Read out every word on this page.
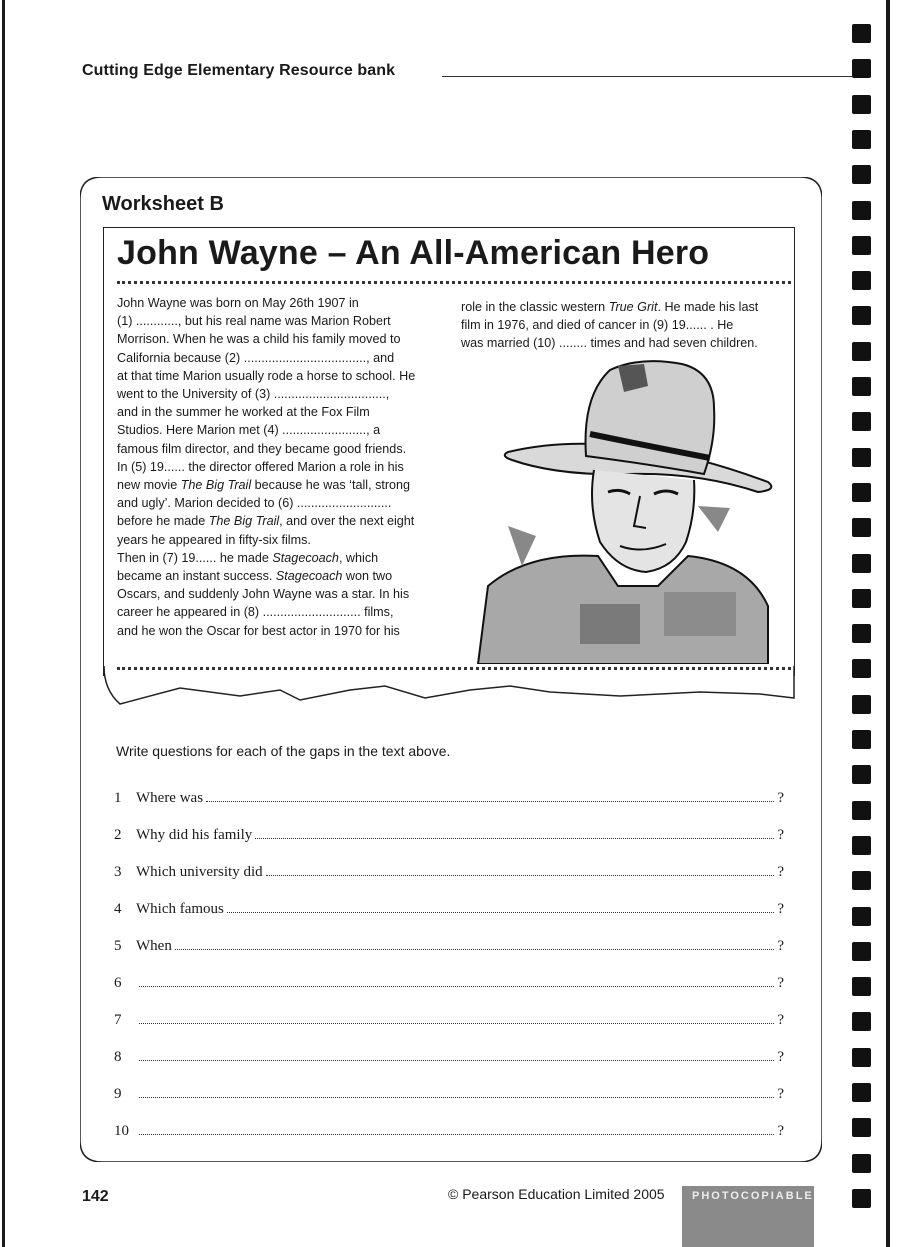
Cutting Edge Elementary Resource bank
Worksheet B
John Wayne – An All-American Hero

John Wayne was born on May 26th 1907 in

(1) ............, but his real name was Marion Robert

Morrison. When he was a child his family moved to

California because (2) ..................................., and

at that time Marion usually rode a horse to school. He

went to the University of (3) ................................,

and in the summer he worked at the Fox Film

Studios. Here Marion met (4) ........................, a

famous film director, and they became good friends.

In (5) 19...... the director offered Marion a role in his

new movie The Big Trail because he was ‘tall, strong

and ugly’. Marion decided to (6) ...........................

before he made The Big Trail, and over the next eight

years he appeared in fifty-six films.

Then in (7) 19...... he made Stagecoach, which

became an instant success. Stagecoach won two

Oscars, and suddenly John Wayne was a star. In his

career he appeared in (8) ............................ films,

and he won the Oscar for best actor in 1970 for his

role in the classic western True Grit. He made his last

film in 1976, and died of cancer in (9) 19...... . He

was married (10) ........ times and had seven children.

Write questions for each of the gaps in the text above.
1 Where was	?
2 Why did his family	?
3 Which university did	?
4 Which famous	?
5 When	?
6	?
7	?
8	?
9	?
10	?
142	© Pearson Education Limited 2005 PHOTOCOPIABLE
